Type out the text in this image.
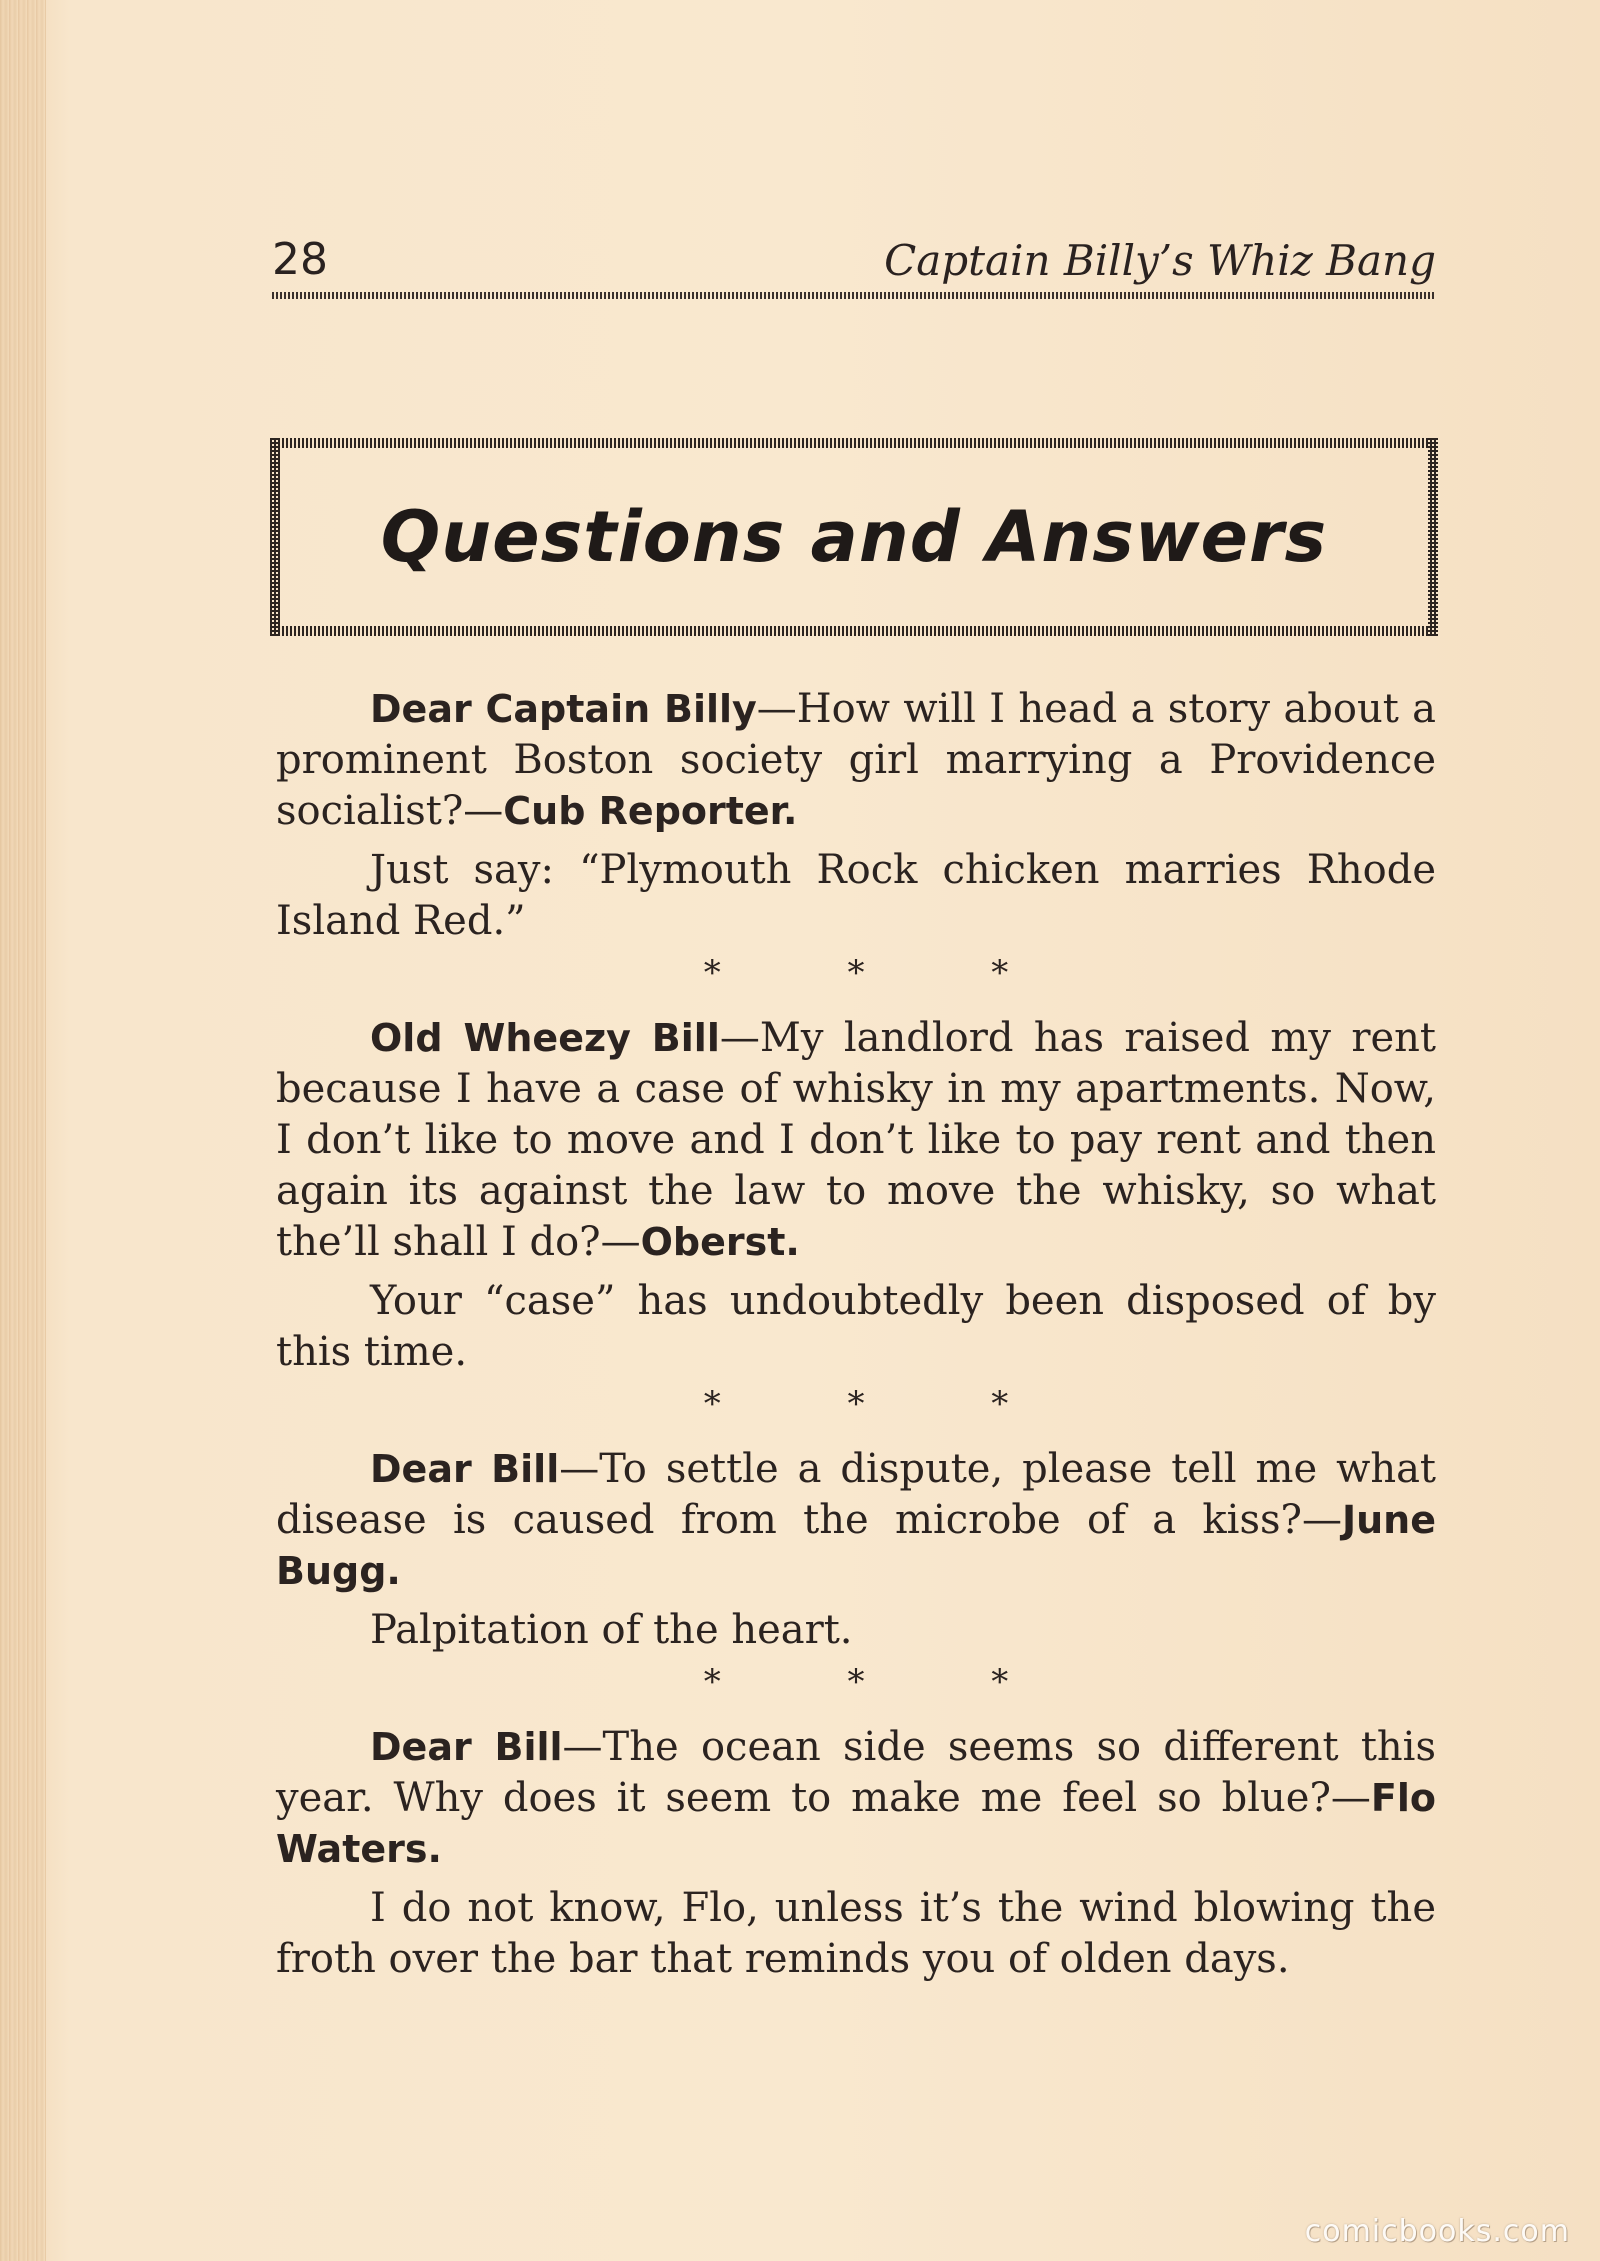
28	Captain Billy’s Whiz Bang
Questions and Answers

Dear Captain Billy—How will I head a story about a prominent Boston society girl marrying a Providence socialist?—Cub Reporter.

Just say: “Plymouth Rock chicken marries Rhode Island Red.”

* * *

Old Wheezy Bill—My landlord has raised my rent because I have a case of whisky in my apartments. Now, I don’t like to move and I don’t like to pay rent and then again its against the law to move the whisky, so what the’ll shall I do?—Oberst.

Your “case” has undoubtedly been disposed of by this time.

* * *

Dear Bill—To settle a dispute, please tell me what disease is caused from the microbe of a kiss?—June Bugg.

Palpitation of the heart.

* * *

Dear Bill—The ocean side seems so different this year. Why does it seem to make me feel so blue?—Flo Waters.

I do not know, Flo, unless it’s the wind blowing the froth over the bar that reminds you of olden days.

comicbooks.com
